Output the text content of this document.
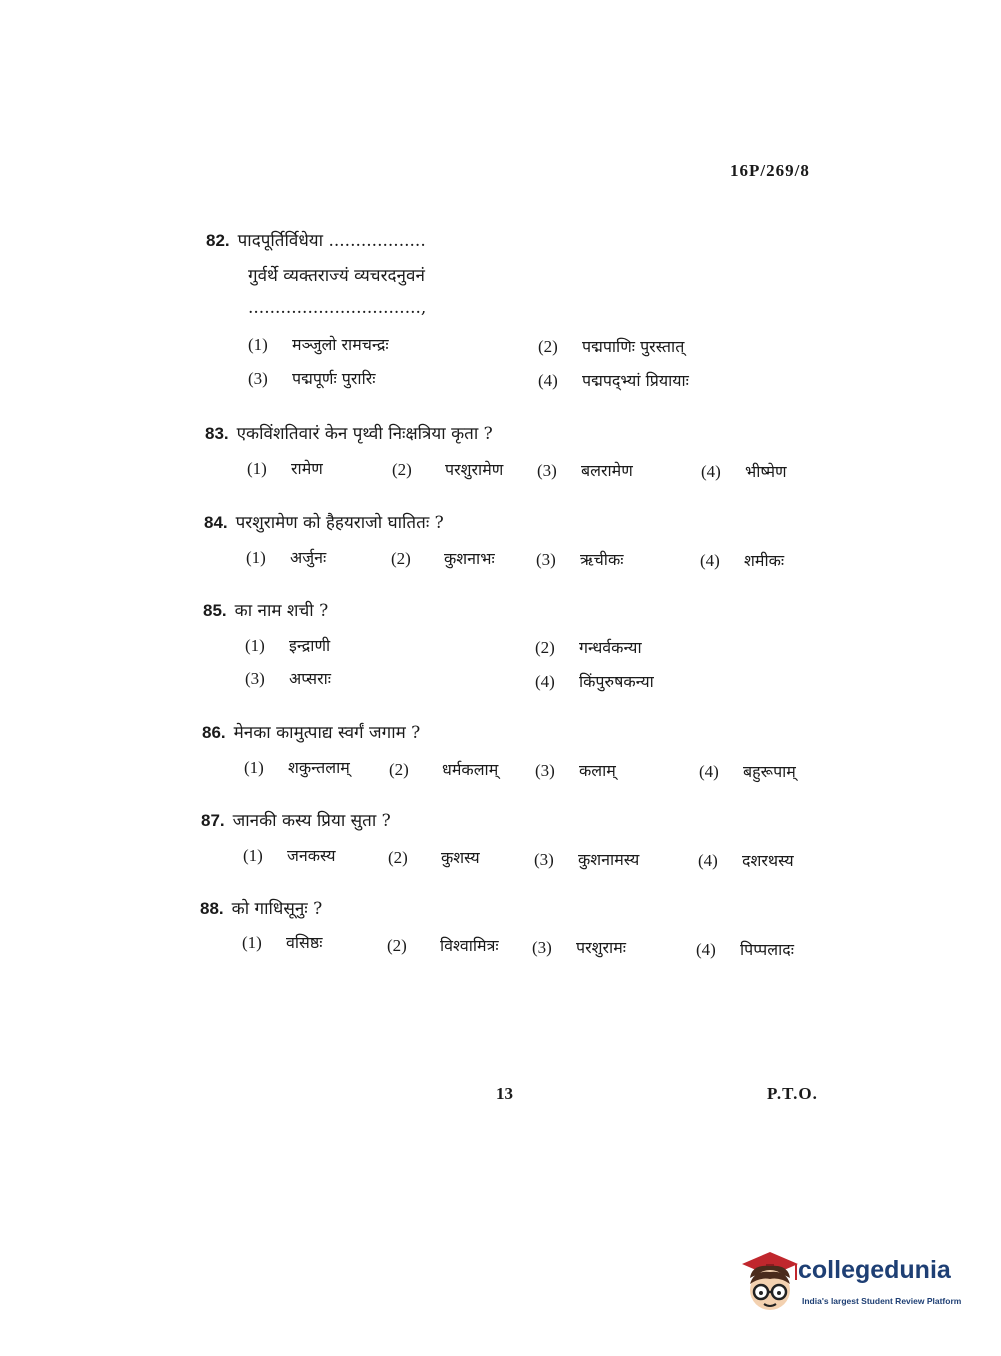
16P/269/8
82. पादपूर्तिर्विधेया ..................
गुर्वर्थे व्यक्तराज्यं व्यचरदनुवनं
................................,
(1) मञ्जुलो रामचन्द्रः	(2) पद्मपाणिः पुरस्तात्
(3) पद्मपूर्णः पुरारिः	(4) पद्मपद्भ्यां प्रियायाः
83. एकविंशतिवारं केन पृथ्वी निःक्षत्रिया कृता ?
(1) रामेण	(2) परशुरामेण (3) बलरामेण	(4) भीष्मेण
84. परशुरामेण को हैहयराजो घातितः ?
(1) अर्जुनः	(2) कुशनाभः (3) ऋचीकः	(4) शमीकः
85. का नाम शची ?
(1) इन्द्राणी	(2) गन्धर्वकन्या
(3) अप्सराः	(4) किंपुरुषकन्या
86. मेनका कामुत्पाद्य स्वर्गं जगाम ?
(1) शकुन्तलाम् (2) धर्मकलाम् (3) कलाम्	(4) बहुरूपाम्
87. जानकी कस्य प्रिया सुता ?
(1) जनकस्य	(2) कुशस्य	(3) कुशनामस्य	(4) दशरथस्य
88. को गाधिसूनुः ?
(1) वसिष्ठः	(2) विश्वामित्रः (3) परशुरामः	(4) पिप्पलादः
13	P.T.O.
collegedunia
India's largest Student Review Platform
